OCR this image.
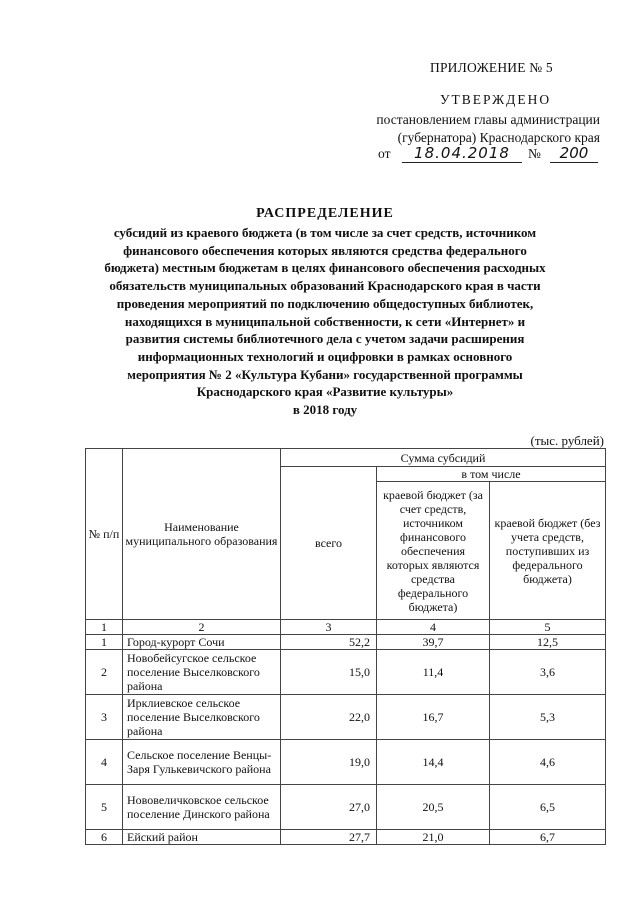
ПРИЛОЖЕНИЕ № 5
УТВЕРЖДЕНО
постановлением главы администрации
(губернатора) Краснодарского края
от	18.04.2018	№	200
РАСПРЕДЕЛЕНИЕ
субсидий из краевого бюджета (в том числе за счет средств, источником
финансового обеспечения которых являются средства федерального
бюджета) местным бюджетам в целях финансового обеспечения расходных
обязательств муниципальных образований Краснодарского края в части
проведения мероприятий по подключению общедоступных библиотек,
находящихся в муниципальной собственности, к сети «Интернет» и
развития системы библиотечного дела с учетом задачи расширения
информационных технологий и оцифровки в рамках основного
мероприятия № 2 «Культура Кубани» государственной программы
Краснодарского края «Развитие культуры»
в 2018 году
(тыс. рублей)
№ п/п	Наименование муниципального образования	Сумма субсидий		
		всего	в том числе	
			краевой бюджет (за счет средств, источником финансового обеспечения которых являются средства федерального бюджета)	краевой бюджет (без учета средств, поступивших из федерального бюджета)
1	2	3	4	5
1	Город-курорт Сочи	52,2	39,7	12,5
2	Новобейсугское сельское поселение Выселковского района	15,0	11,4	3,6
3	Ирклиевское сельское поселение Выселковского района	22,0	16,7	5,3
4	Сельское поселение Венцы-Заря Гулькевичского района	19,0	14,4	4,6
5	Нововеличковское сельское поселение Динского района	27,0	20,5	6,5
6	Ейский район	27,7	21,0	6,7
